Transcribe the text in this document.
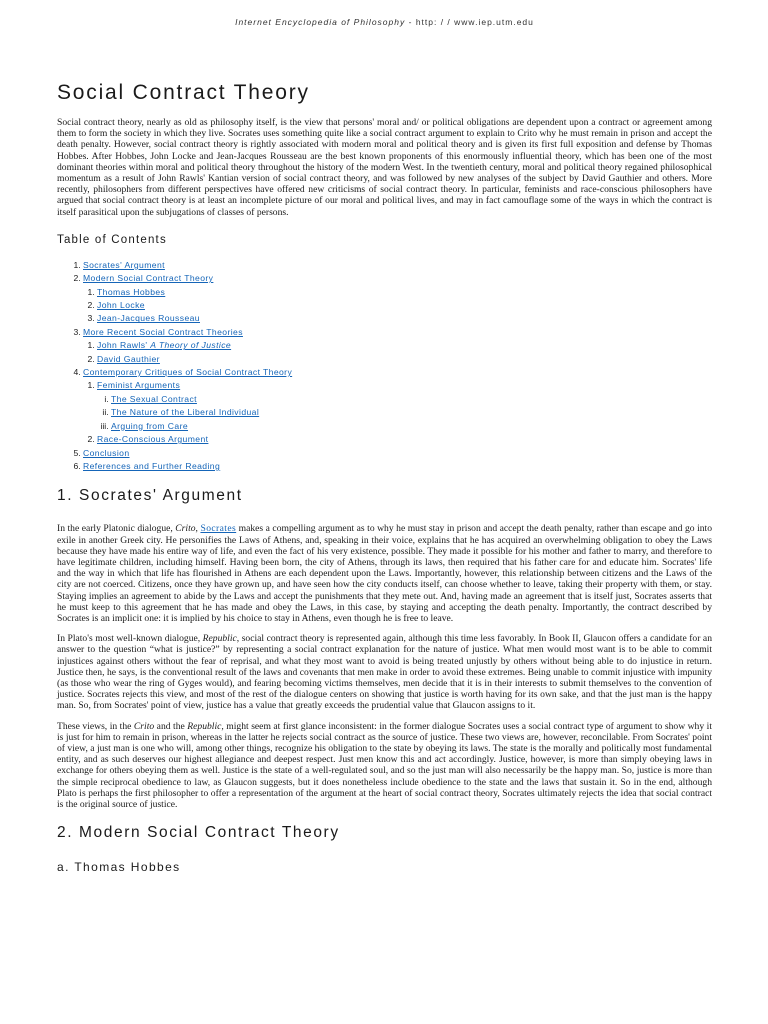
Internet Encyclopedia of Philosophy - http: / / www.iep.utm.edu
Social Contract Theory

Social contract theory, nearly as old as philosophy itself, is the view that persons' moral and/ or political obligations are dependent upon a contract or agreement among them to form the society in which they live. Socrates uses something quite like a social contract argument to explain to Crito why he must remain in prison and accept the death penalty. However, social contract theory is rightly associated with modern moral and political theory and is given its first full exposition and defense by Thomas Hobbes. After Hobbes, John Locke and Jean-Jacques Rousseau are the best known proponents of this enormously influential theory, which has been one of the most dominant theories within moral and political theory throughout the history of the modern West. In the twentieth century, moral and political theory regained philosophical momentum as a result of John Rawls' Kantian version of social contract theory, and was followed by new analyses of the subject by David Gauthier and others. More recently, philosophers from different perspectives have offered new criticisms of social contract theory. In particular, feminists and race-conscious philosophers have argued that social contract theory is at least an incomplete picture of our moral and political lives, and may in fact camouflage some of the ways in which the contract is itself parasitical upon the subjugations of classes of persons.

Table of Contents
1. Socrates' Argument
2. Modern Social Contract Theory
1. Thomas Hobbes
2. John Locke
3. Jean-Jacques Rousseau
3. More Recent Social Contract Theories
1. John Rawls' A Theory of Justice
2. David Gauthier
4. Contemporary Critiques of Social Contract Theory
1. Feminist Arguments
i. The Sexual Contract
ii. The Nature of the Liberal Individual
iii. Arguing from Care
2. Race-Conscious Argument
5. Conclusion
6. References and Further Reading
1. Socrates' Argument

In the early Platonic dialogue, Crito, Socrates makes a compelling argument as to why he must stay in prison and accept the death penalty, rather than escape and go into exile in another Greek city. He personifies the Laws of Athens, and, speaking in their voice, explains that he has acquired an overwhelming obligation to obey the Laws because they have made his entire way of life, and even the fact of his very existence, possible. They made it possible for his mother and father to marry, and therefore to have legitimate children, including himself. Having been born, the city of Athens, through its laws, then required that his father care for and educate him. Socrates' life and the way in which that life has flourished in Athens are each dependent upon the Laws. Importantly, however, this relationship between citizens and the Laws of the city are not coerced. Citizens, once they have grown up, and have seen how the city conducts itself, can choose whether to leave, taking their property with them, or stay. Staying implies an agreement to abide by the Laws and accept the punishments that they mete out. And, having made an agreement that is itself just, Socrates asserts that he must keep to this agreement that he has made and obey the Laws, in this case, by staying and accepting the death penalty. Importantly, the contract described by Socrates is an implicit one: it is implied by his choice to stay in Athens, even though he is free to leave.

In Plato's most well-known dialogue, Republic, social contract theory is represented again, although this time less favorably. In Book II, Glaucon offers a candidate for an answer to the question “what is justice?” by representing a social contract explanation for the nature of justice. What men would most want is to be able to commit injustices against others without the fear of reprisal, and what they most want to avoid is being treated unjustly by others without being able to do injustice in return. Justice then, he says, is the conventional result of the laws and covenants that men make in order to avoid these extremes. Being unable to commit injustice with impunity (as those who wear the ring of Gyges would), and fearing becoming victims themselves, men decide that it is in their interests to submit themselves to the convention of justice. Socrates rejects this view, and most of the rest of the dialogue centers on showing that justice is worth having for its own sake, and that the just man is the happy man. So, from Socrates' point of view, justice has a value that greatly exceeds the prudential value that Glaucon assigns to it.

These views, in the Crito and the Republic, might seem at first glance inconsistent: in the former dialogue Socrates uses a social contract type of argument to show why it is just for him to remain in prison, whereas in the latter he rejects social contract as the source of justice. These two views are, however, reconcilable. From Socrates' point of view, a just man is one who will, among other things, recognize his obligation to the state by obeying its laws. The state is the morally and politically most fundamental entity, and as such deserves our highest allegiance and deepest respect. Just men know this and act accordingly. Justice, however, is more than simply obeying laws in exchange for others obeying them as well. Justice is the state of a well-regulated soul, and so the just man will also necessarily be the happy man. So, justice is more than the simple reciprocal obedience to law, as Glaucon suggests, but it does nonetheless include obedience to the state and the laws that sustain it. So in the end, although Plato is perhaps the first philosopher to offer a representation of the argument at the heart of social contract theory, Socrates ultimately rejects the idea that social contract is the original source of justice.

2. Modern Social Contract Theory
a. Thomas Hobbes
